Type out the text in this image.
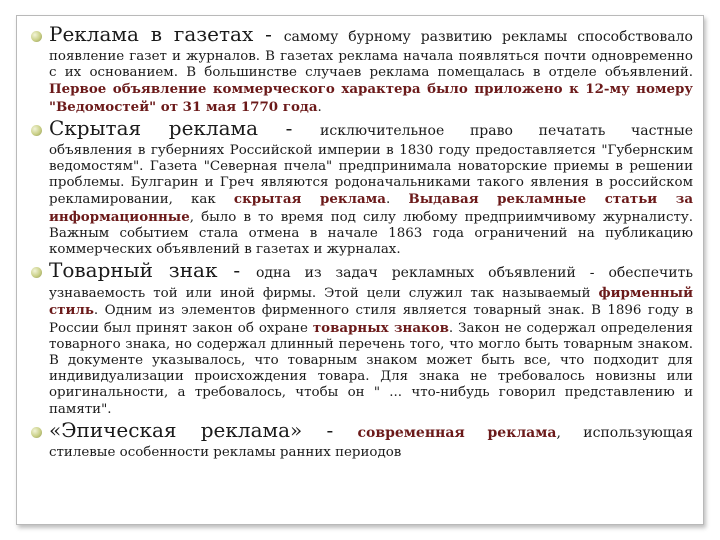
Реклама в газетах - самому бурному развитию рекламы способствовало

появление газет и журналов. В газетах реклама начала появляться почти одновременно с их основанием. В большинстве случаев реклама помещалась в отделе объявлений. Первое объявление коммерческого характера было приложено к 12-му номеру "Ведомостей" от 31 мая 1770 года.

Скрытая реклама - исключительное право печатать частные

объявления в губерниях Российской империи в 1830 году предоставляется "Губернским ведомостям". Газета "Северная пчела" предпринимала новаторские приемы в решении проблемы. Булгарин и Греч являются родоначальниками такого явления в российском рекламировании, как скрытая реклама. Выдавая рекламные статьи за информационные, было в то время под силу любому предприимчивому журналисту. Важным событием стала отмена в начале 1863 года ограничений на публикацию коммерческих объявлений в газетах и журналах.

Товарный знак - одна из задач рекламных объявлений - обеспечить

узнаваемость той или иной фирмы. Этой цели служил так называемый фирменный стиль. Одним из элементов фирменного стиля является товарный знак. В 1896 году в России был принят закон об охране товарных знаков. Закон не содержал определения товарного знака, но содержал длинный перечень того, что могло быть товарным знаком. В документе указывалось, что товарным знаком может быть все, что подходит для индивидуализации происхождения товара. Для знака не требовалось новизны или оригинальности, а требовалось, чтобы он " ... что-нибудь говорил представлению и памяти".

«Эпическая реклама» - современная реклама, использующая

стилевые особенности рекламы ранних периодов
